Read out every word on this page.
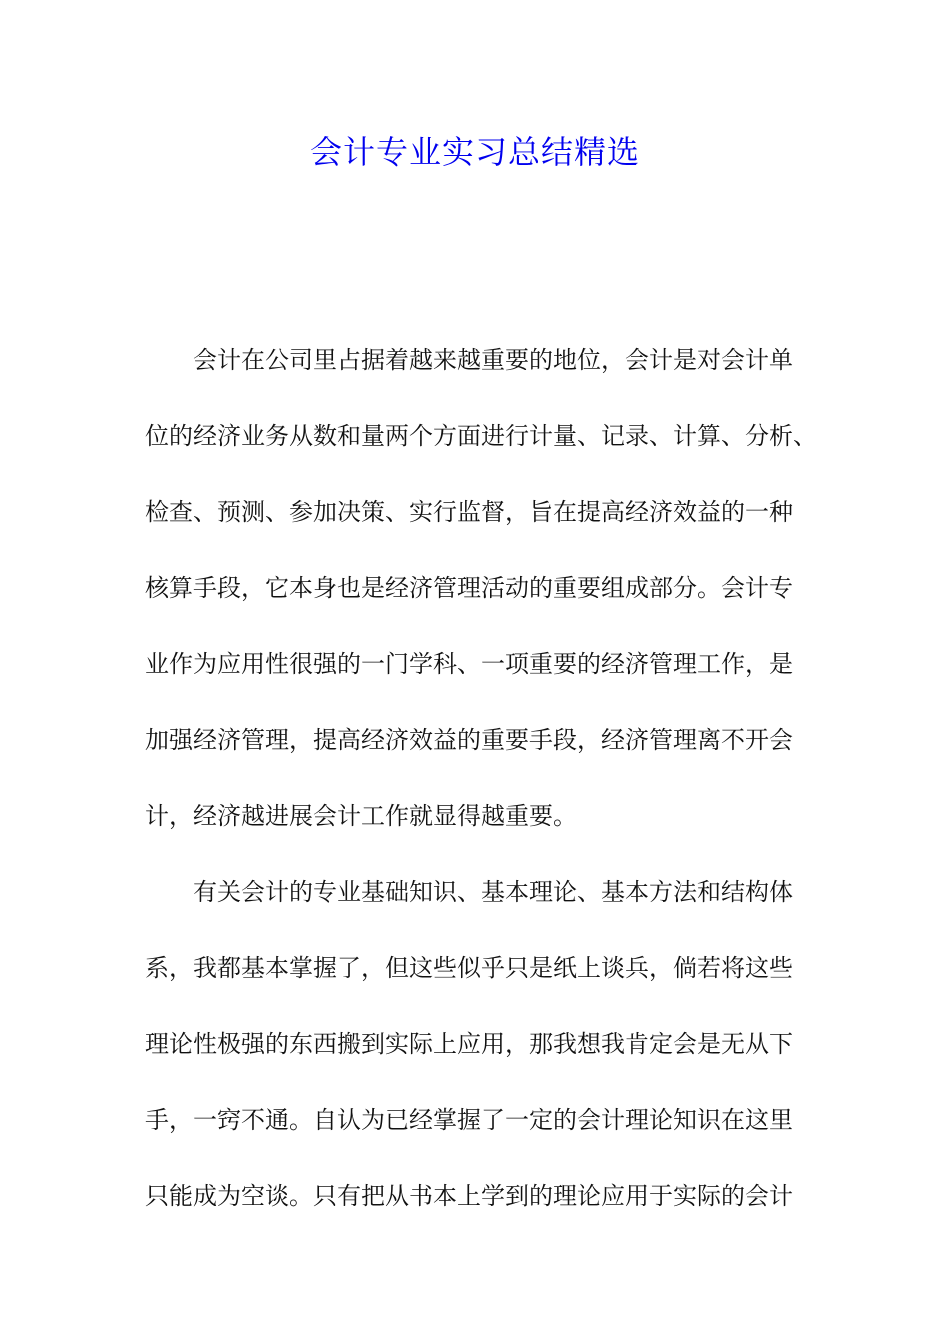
会计专业实习总结精选
会计在公司里占据着越来越重要的地位，会计是对会计单
位的经济业务从数和量两个方面进行计量、记录、计算、分析、
检查、预测、参加决策、实行监督，旨在提高经济效益的一种
核算手段，它本身也是经济管理活动的重要组成部分。会计专
业作为应用性很强的一门学科、一项重要的经济管理工作，是
加强经济管理，提高经济效益的重要手段，经济管理离不开会
计，经济越进展会计工作就显得越重要。
有关会计的专业基础知识、基本理论、基本方法和结构体
系，我都基本掌握了，但这些似乎只是纸上谈兵，倘若将这些
理论性极强的东西搬到实际上应用，那我想我肯定会是无从下
手，一窍不通。自认为已经掌握了一定的会计理论知识在这里
只能成为空谈。只有把从书本上学到的理论应用于实际的会计
